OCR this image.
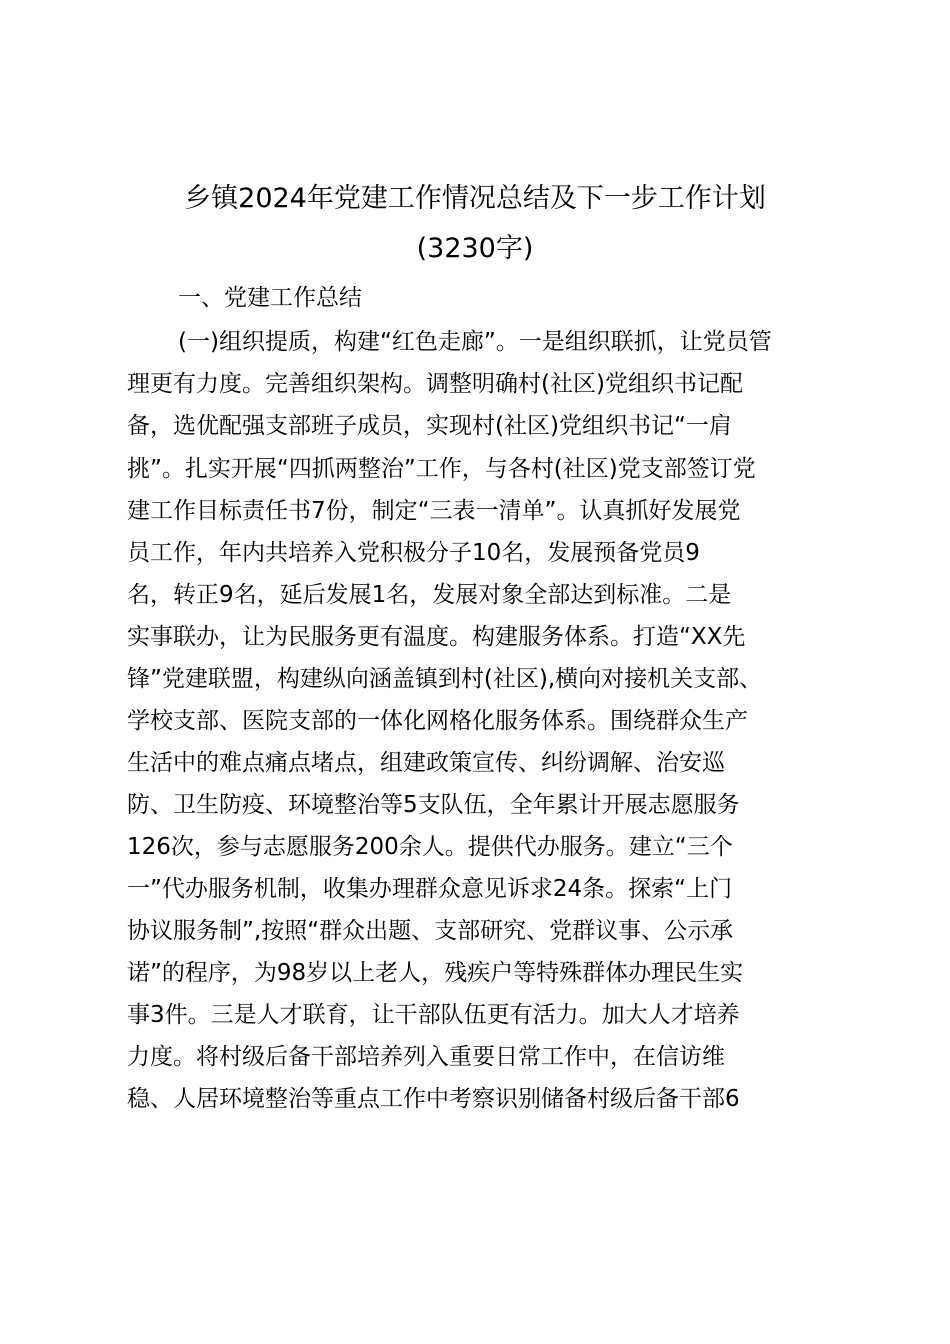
乡镇2024年党建工作情况总结及下一步工作计划
(3230字)
一、党建工作总结
(一)组织提质，构建“红色走廊”。一是组织联抓，让党员管
理更有力度。完善组织架构。调整明确村(社区)党组织书记配
备，选优配强支部班子成员，实现村(社区)党组织书记“一肩
挑”。扎实开展“四抓两整治”工作，与各村(社区)党支部签订党
建工作目标责任书7份，制定“三表一清单”。认真抓好发展党
员工作，年内共培养入党积极分子10名，发展预备党员9
名，转正9名，延后发展1名，发展对象全部达到标准。二是
实事联办，让为民服务更有温度。构建服务体系。打造“XX先
锋”党建联盟，构建纵向涵盖镇到村(社区),横向对接机关支部、
学校支部、医院支部的一体化网格化服务体系。围绕群众生产
生活中的难点痛点堵点，组建政策宣传、纠纷调解、治安巡
防、卫生防疫、环境整治等5支队伍，全年累计开展志愿服务
126次，参与志愿服务200余人。提供代办服务。建立“三个
一”代办服务机制，收集办理群众意见诉求24条。探索“上门
协议服务制”,按照“群众出题、支部研究、党群议事、公示承
诺”的程序，为98岁以上老人，残疾户等特殊群体办理民生实
事3件。三是人才联育，让干部队伍更有活力。加大人才培养
力度。将村级后备干部培养列入重要日常工作中，在信访维
稳、人居环境整治等重点工作中考察识别储备村级后备干部6
